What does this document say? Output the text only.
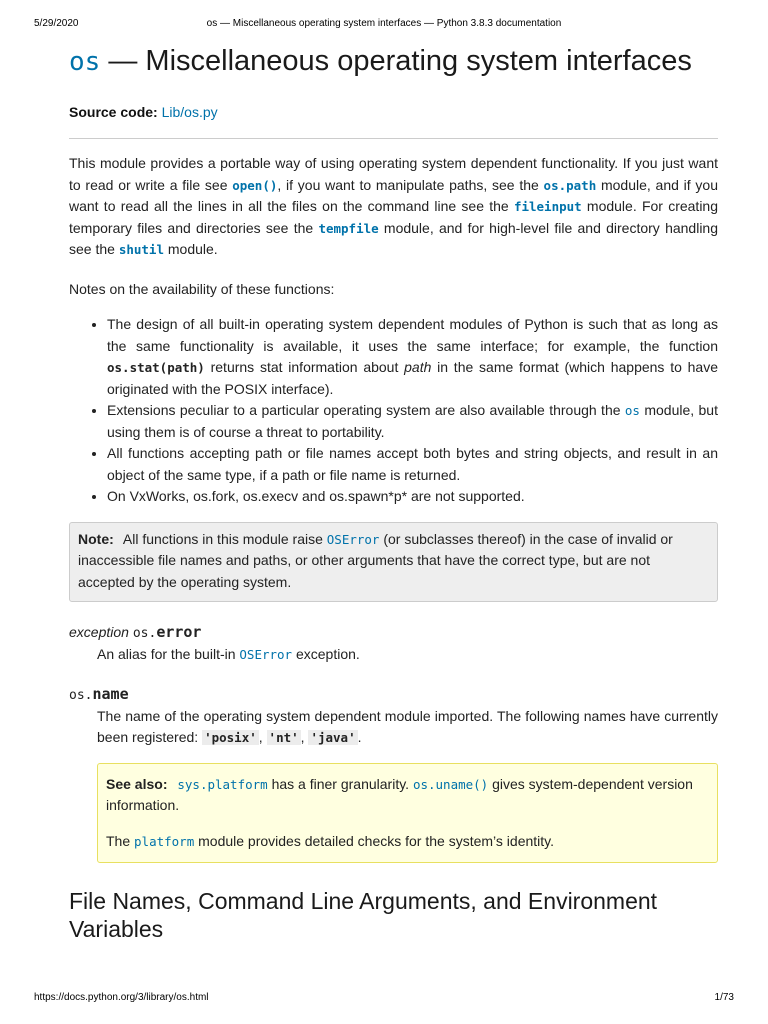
5/29/2020	os — Miscellaneous operating system interfaces — Python 3.8.3 documentation
os — Miscellaneous operating system interfaces
Source code: Lib/os.py

This module provides a portable way of using operating system dependent functionality. If you just want to read or write a file see open(), if you want to manipulate paths, see the os.path module, and if you want to read all the lines in all the files on the command line see the fileinput module. For creating temporary files and directories see the tempfile module, and for high-level file and directory handling see the shutil module.

Notes on the availability of these functions:

• The design of all built-in operating system dependent modules of Python is such that as long as the same functionality is available, it uses the same interface; for example, the function os.stat(path) returns stat information about path in the same format (which happens to have originated with the POSIX interface).
• Extensions peculiar to a particular operating system are also available through the os module, but using them is of course a threat to portability.
• All functions accepting path or file names accept both bytes and string objects, and result in an object of the same type, if a path or file name is returned.
• On VxWorks, os.fork, os.execv and os.spawn*p* are not supported.
Note: All functions in this module raise OSError (or subclasses thereof) in the case of invalid or inaccessible file names and paths, or other arguments that have the correct type, but are not accepted by the operating system.
exception os.error
An alias for the built-in OSError exception.
os.name
The name of the operating system dependent module imported. The following names have currently been registered: 'posix' , 'nt' , 'java' .
See also: sys.platform has a finer granularity. os.uname() gives system-dependent version information.
The platform module provides detailed checks for the system’s identity.
File Names, Command Line Arguments, and Environment Variables
https://docs.python.org/3/library/os.html	1/73
